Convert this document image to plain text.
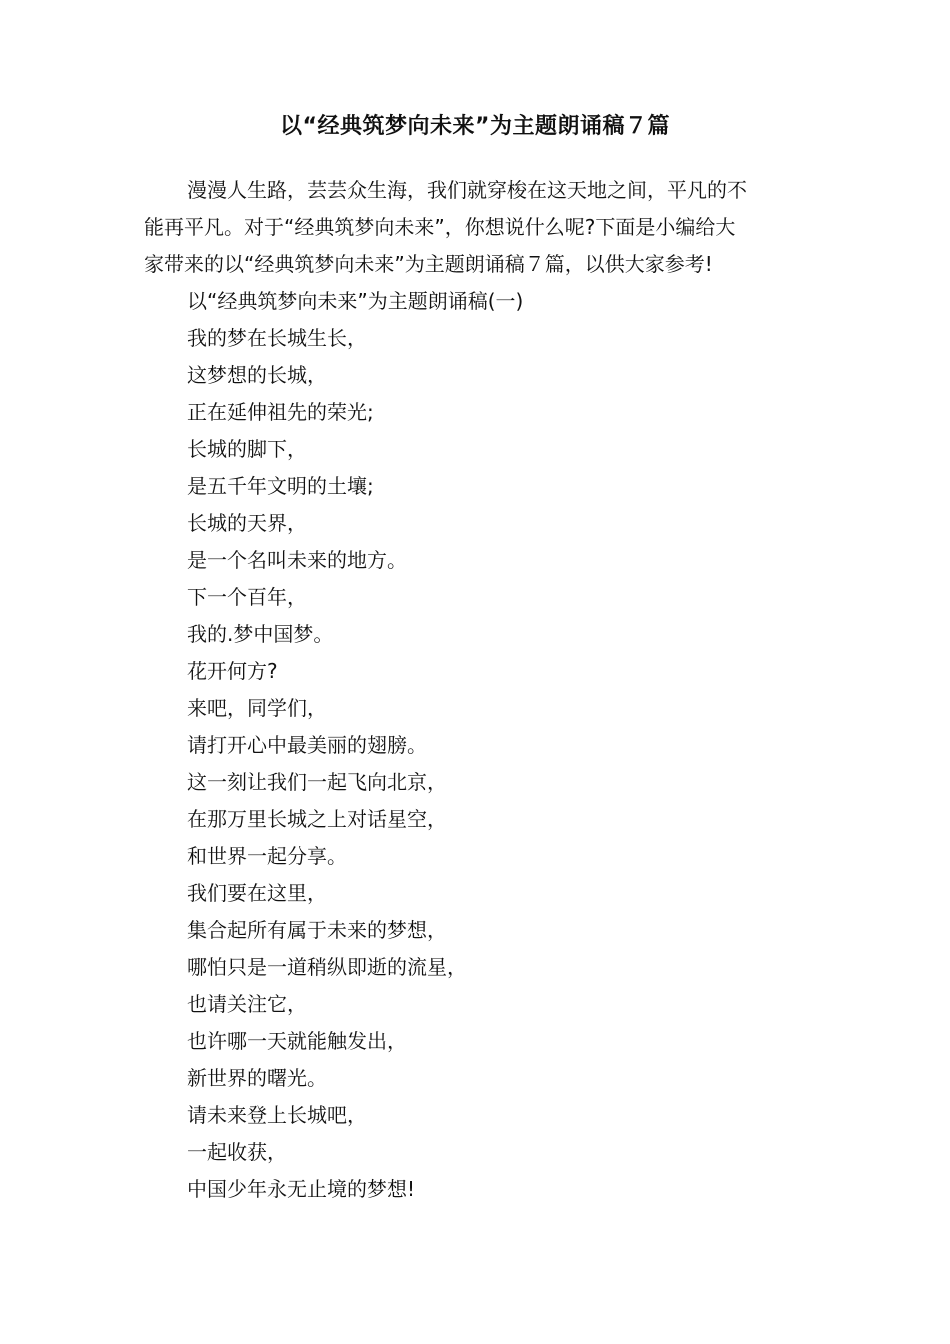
以“经典筑梦向未来”为主题朗诵稿７篇
漫漫人生路，芸芸众生海，我们就穿梭在这天地之间，平凡的不
能再平凡。对于“经典筑梦向未来”，你想说什么呢?下面是小编给大
家带来的以“经典筑梦向未来”为主题朗诵稿７篇，以供大家参考!
以“经典筑梦向未来”为主题朗诵稿(一)
我的梦在长城生长，
这梦想的长城，
正在延伸祖先的荣光;
长城的脚下，
是五千年文明的土壤;
长城的天界，
是一个名叫未来的地方。
下一个百年，
我的.梦中国梦。
花开何方?
来吧，同学们，
请打开心中最美丽的翅膀。
这一刻让我们一起飞向北京，
在那万里长城之上对话星空，
和世界一起分享。
我们要在这里，
集合起所有属于未来的梦想，
哪怕只是一道稍纵即逝的流星，
也请关注它，
也许哪一天就能触发出，
新世界的曙光。
请未来登上长城吧，
一起收获，
中国少年永无止境的梦想!
